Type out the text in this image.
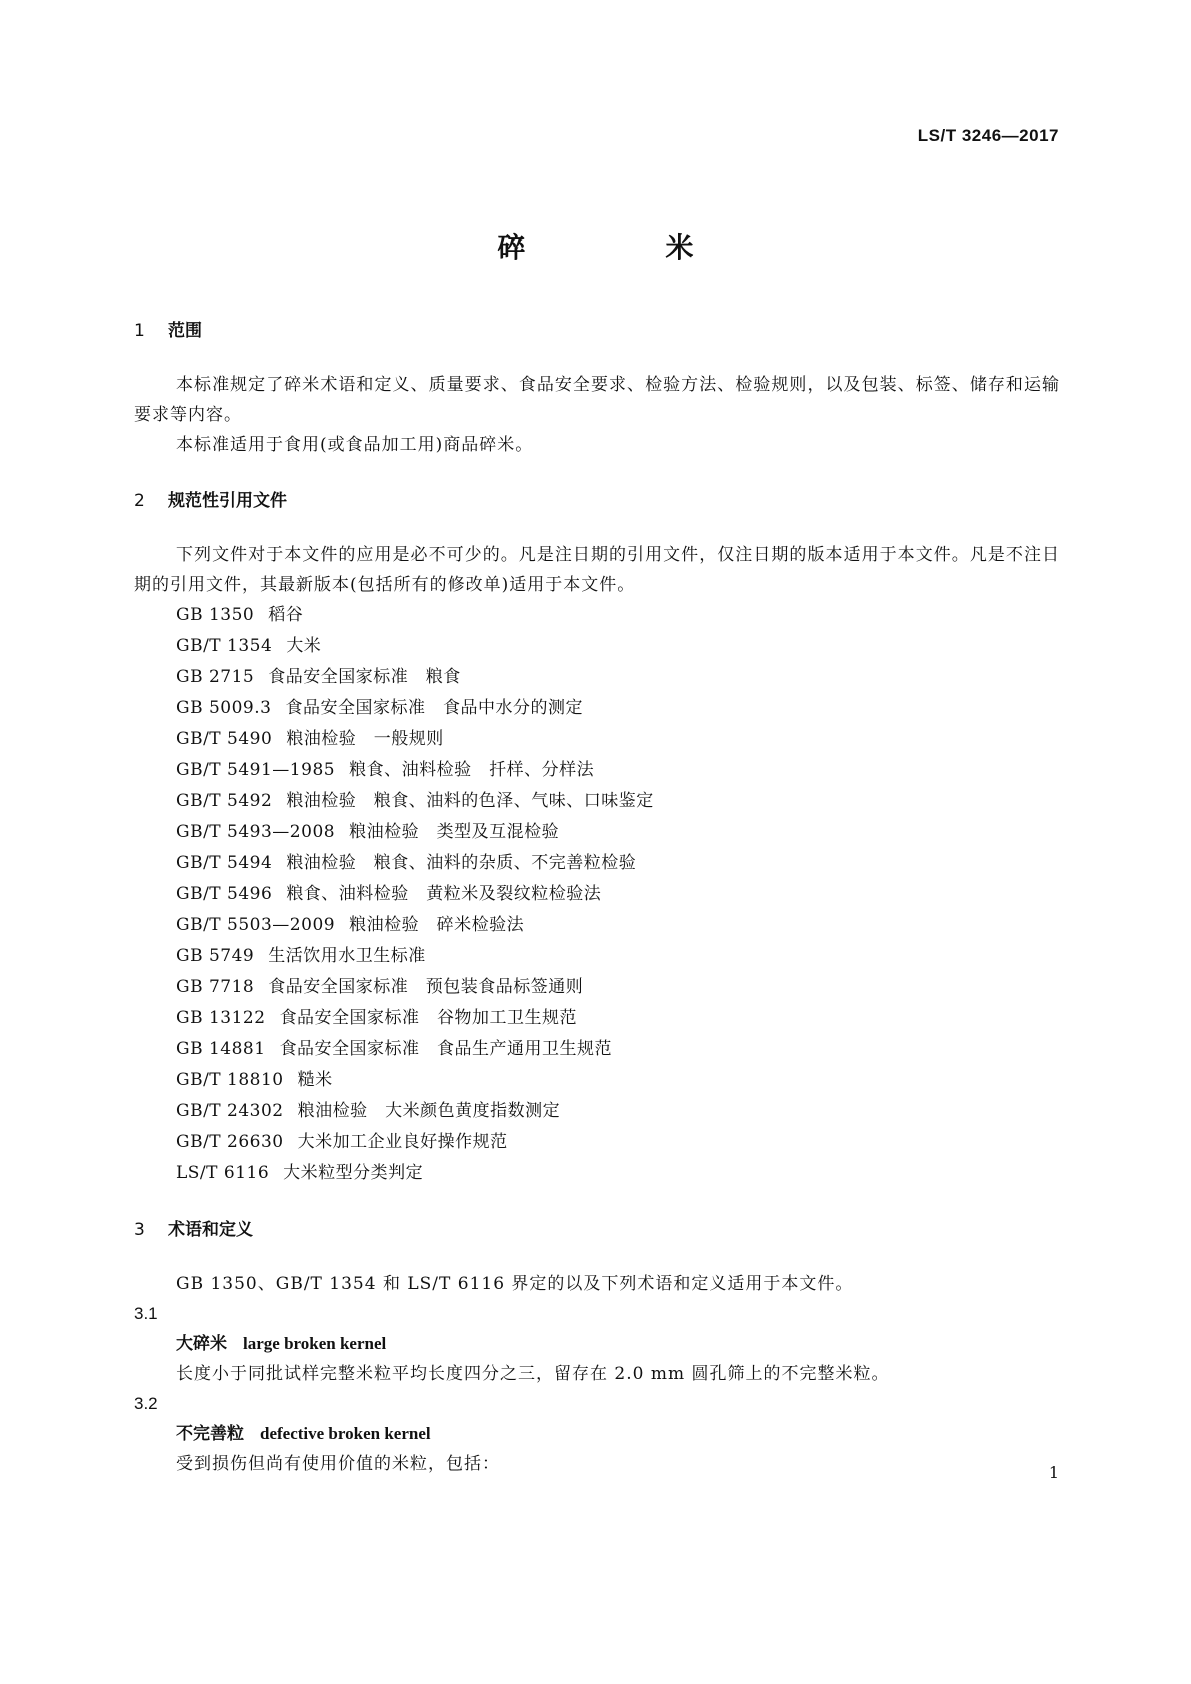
LS/T 3246—2017
碎　米
1 范围
本标准规定了碎米术语和定义、质量要求、食品安全要求、检验方法、检验规则，以及包装、标签、储存和运输要求等内容。
本标准适用于食用(或食品加工用)商品碎米。
2 规范性引用文件
下列文件对于本文件的应用是必不可少的。凡是注日期的引用文件，仅注日期的版本适用于本文件。凡是不注日期的引用文件，其最新版本(包括所有的修改单)适用于本文件。
GB 1350 稻谷
GB/T 1354 大米
GB 2715 食品安全国家标准　粮食
GB 5009.3 食品安全国家标准　食品中水分的测定
GB/T 5490 粮油检验　一般规则
GB/T 5491—1985 粮食、油料检验　扦样、分样法
GB/T 5492 粮油检验　粮食、油料的色泽、气味、口味鉴定
GB/T 5493—2008 粮油检验　类型及互混检验
GB/T 5494 粮油检验　粮食、油料的杂质、不完善粒检验
GB/T 5496 粮食、油料检验　黄粒米及裂纹粒检验法
GB/T 5503—2009 粮油检验　碎米检验法
GB 5749 生活饮用水卫生标准
GB 7718 食品安全国家标准　预包装食品标签通则
GB 13122 食品安全国家标准　谷物加工卫生规范
GB 14881 食品安全国家标准　食品生产通用卫生规范
GB/T 18810 糙米
GB/T 24302 粮油检验　大米颜色黄度指数测定
GB/T 26630 大米加工企业良好操作规范
LS/T 6116 大米粒型分类判定
3 术语和定义
GB 1350、GB/T 1354 和 LS/T 6116 界定的以及下列术语和定义适用于本文件。
3.1
大碎米 large broken kernel
长度小于同批试样完整米粒平均长度四分之三，留存在 2.0 mm 圆孔筛上的不完整米粒。
3.2
不完善粒 defective broken kernel
受到损伤但尚有使用价值的米粒，包括：	1
